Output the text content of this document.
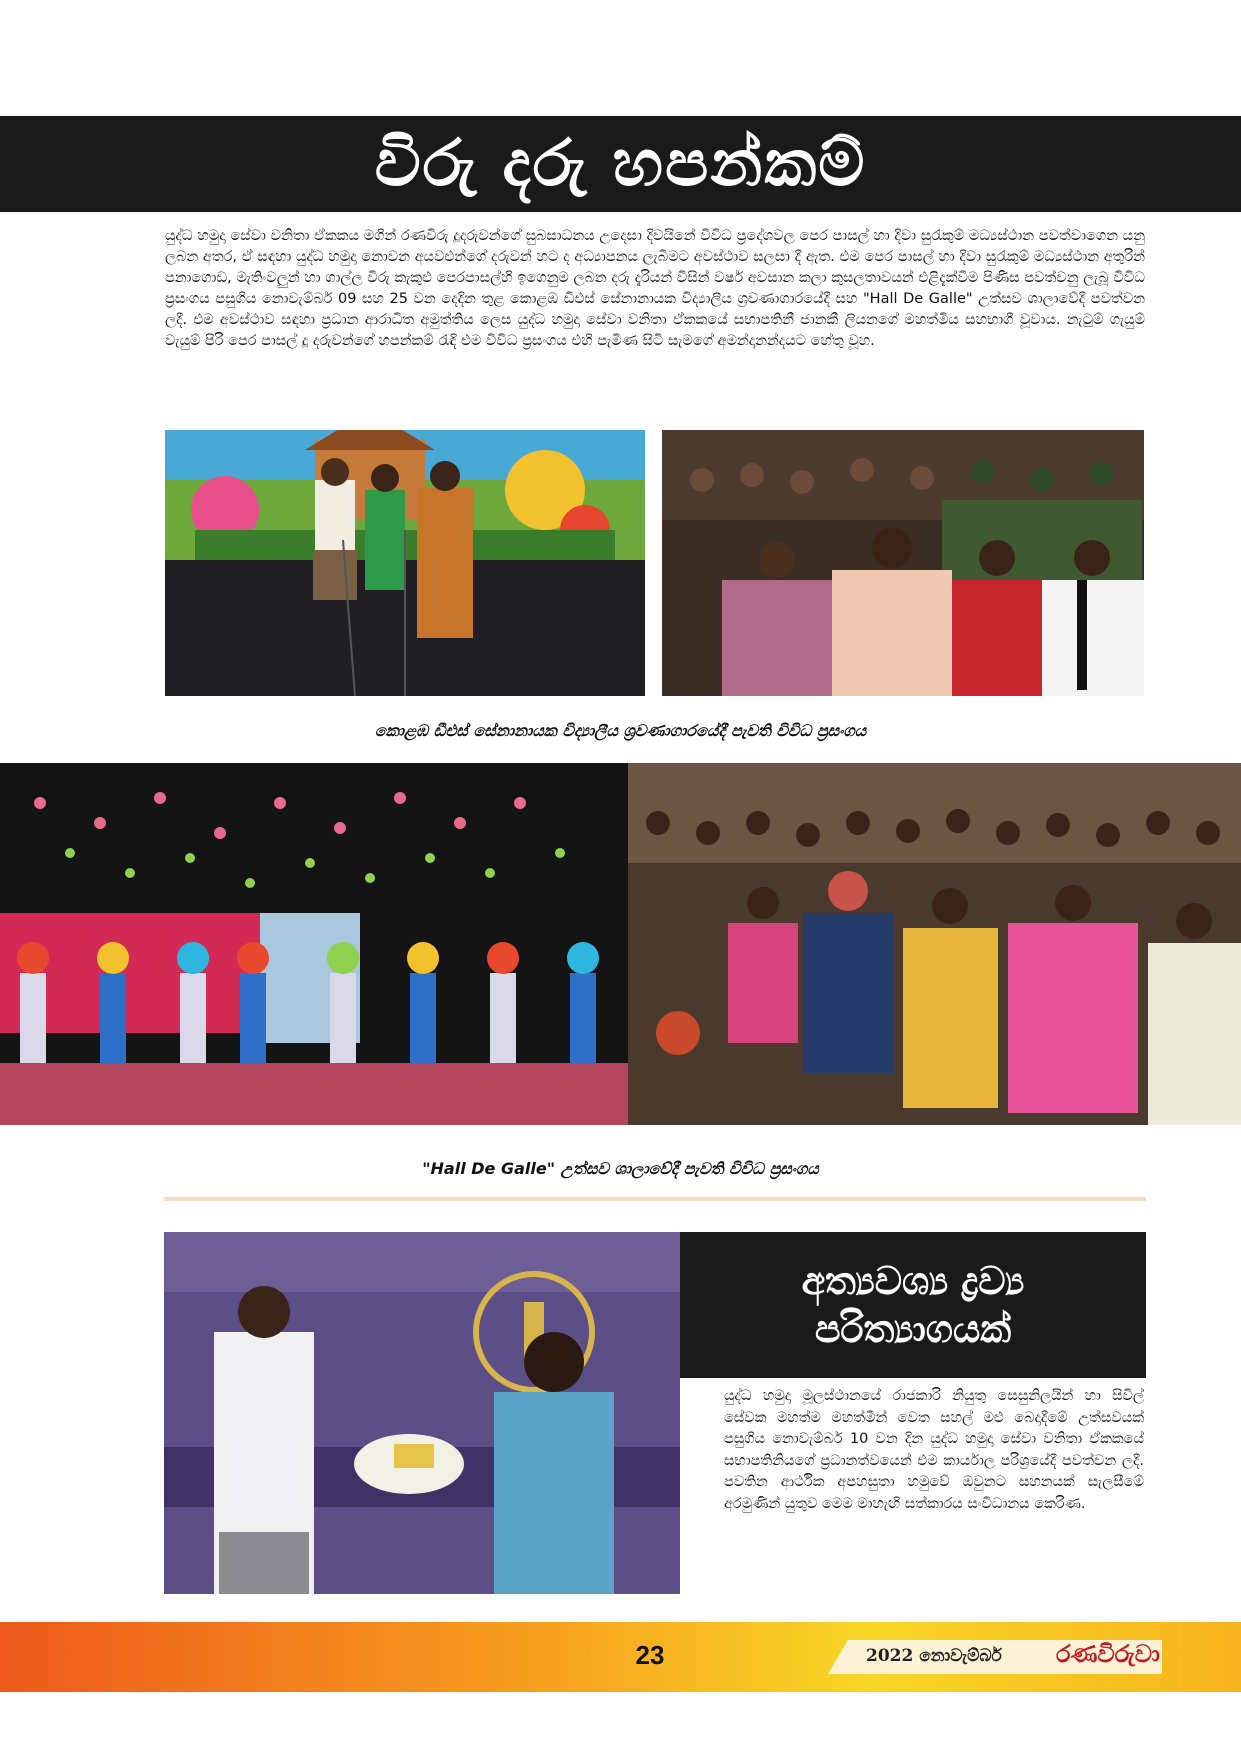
විරු දරු හපන්කම්

යුද්ධ හමුදා සේවා වනිතා ඒකකය මගින් රණවිරු දූදරුවන්ගේ සුබසාධනය උදෙසා දිවයිනේ විවිධ ප්‍රදේශවල පෙර පාසල් හා දිවා සුරැකුම් මධ්‍යස්ථාන පවත්වාගෙන යනු ලබන අතර, ඒ සඳහා යුද්ධ හමුදා නොවන අයවළුන්ගේ දරුවන් හට ද අධ්‍යාපනය ලැබීමට අවස්ථාව සලසා දී ඇත. එම පෙර පාසල් හා දිවා සුරැකුම් මධ්‍යස්ථාන අතුරින් පනාගොඩ, මැතිංවලුන් හා ගාල්ල විරු කැකුළු පෙරපාසල්හි ඉගෙනුම ලබන දරු දැරියන් විසින් වර්ෂ අවසාන කලා කුසලතාවයන් එළිදැක්වීම පිණිස පවත්වනු ලැබූ විවිධ ප්‍රසංගය පසුගිය නොවැම්බර් 09 සහ 25 වන දෙදින තුළ කොළඹ ඩීඑස් සේනානායක විද්‍යාලීය ශ්‍රවණාගාරයේදී සහ "Hall De Galle" උත්සව ශාලාවේදී පවත්වන ලදී. එම අවස්ථාව සඳහා ප්‍රධාන ආරාධිත අමුත්තිය ලෙස යුද්ධ හමුදා සේවා වනිතා ඒකකයේ සභාපතිනී ජානකී ලියනගේ මහත්මිය සහභාගී වූවාය. නැටුම් ගැයුම් වැයුම් පිරි පෙර පාසල් දූ දරුවන්ගේ හපන්කම් රැඳි එම විවිධ ප්‍රසංගය එහි පැමිණ සිටි සැමගේ අමන්දානන්දයට හේතු වූහ.

කොළඹ ඩීඑස් සේනානායක විද්‍යාලීය ශ්‍රවණාගාරයේදී පැවති විවිධ ප්‍රසංගය
"Hall De Galle" උත්සව ශාලාවේදී පැවති විවිධ ප්‍රසංගය
අත්‍යවශ්‍ය ද්‍රව්‍ය
පරිත්‍යාගයක්

යුද්ධ හමුදා මූලස්ථානයේ රාජකාරි නියුතු සෙසුනිලයින් හා සිවිල් සේවක මහත්ම මහත්මීන් වෙත සහල් මළු බෙදාදීමේ උත්සවයක් පසුගිය නොවැම්බර් 10 වන දින යුද්ධ හමුදා සේවා වනිතා ඒකකයේ සභාපතිනියගේ ප්‍රධානත්වයෙන් එම කාර්යාල පරිශ්‍රයේදී පවත්වන ලදී. පවතින ආර්ථික අපහසුතා හමුවේ ඔවුනට සහනයක් සැලසීමේ අරමුණින් යුතුව මෙම මාහැඟි සත්කාරය සංවිධානය කෙරිණ.

23	2022 නොවැම්බර් රණවිරුවා
